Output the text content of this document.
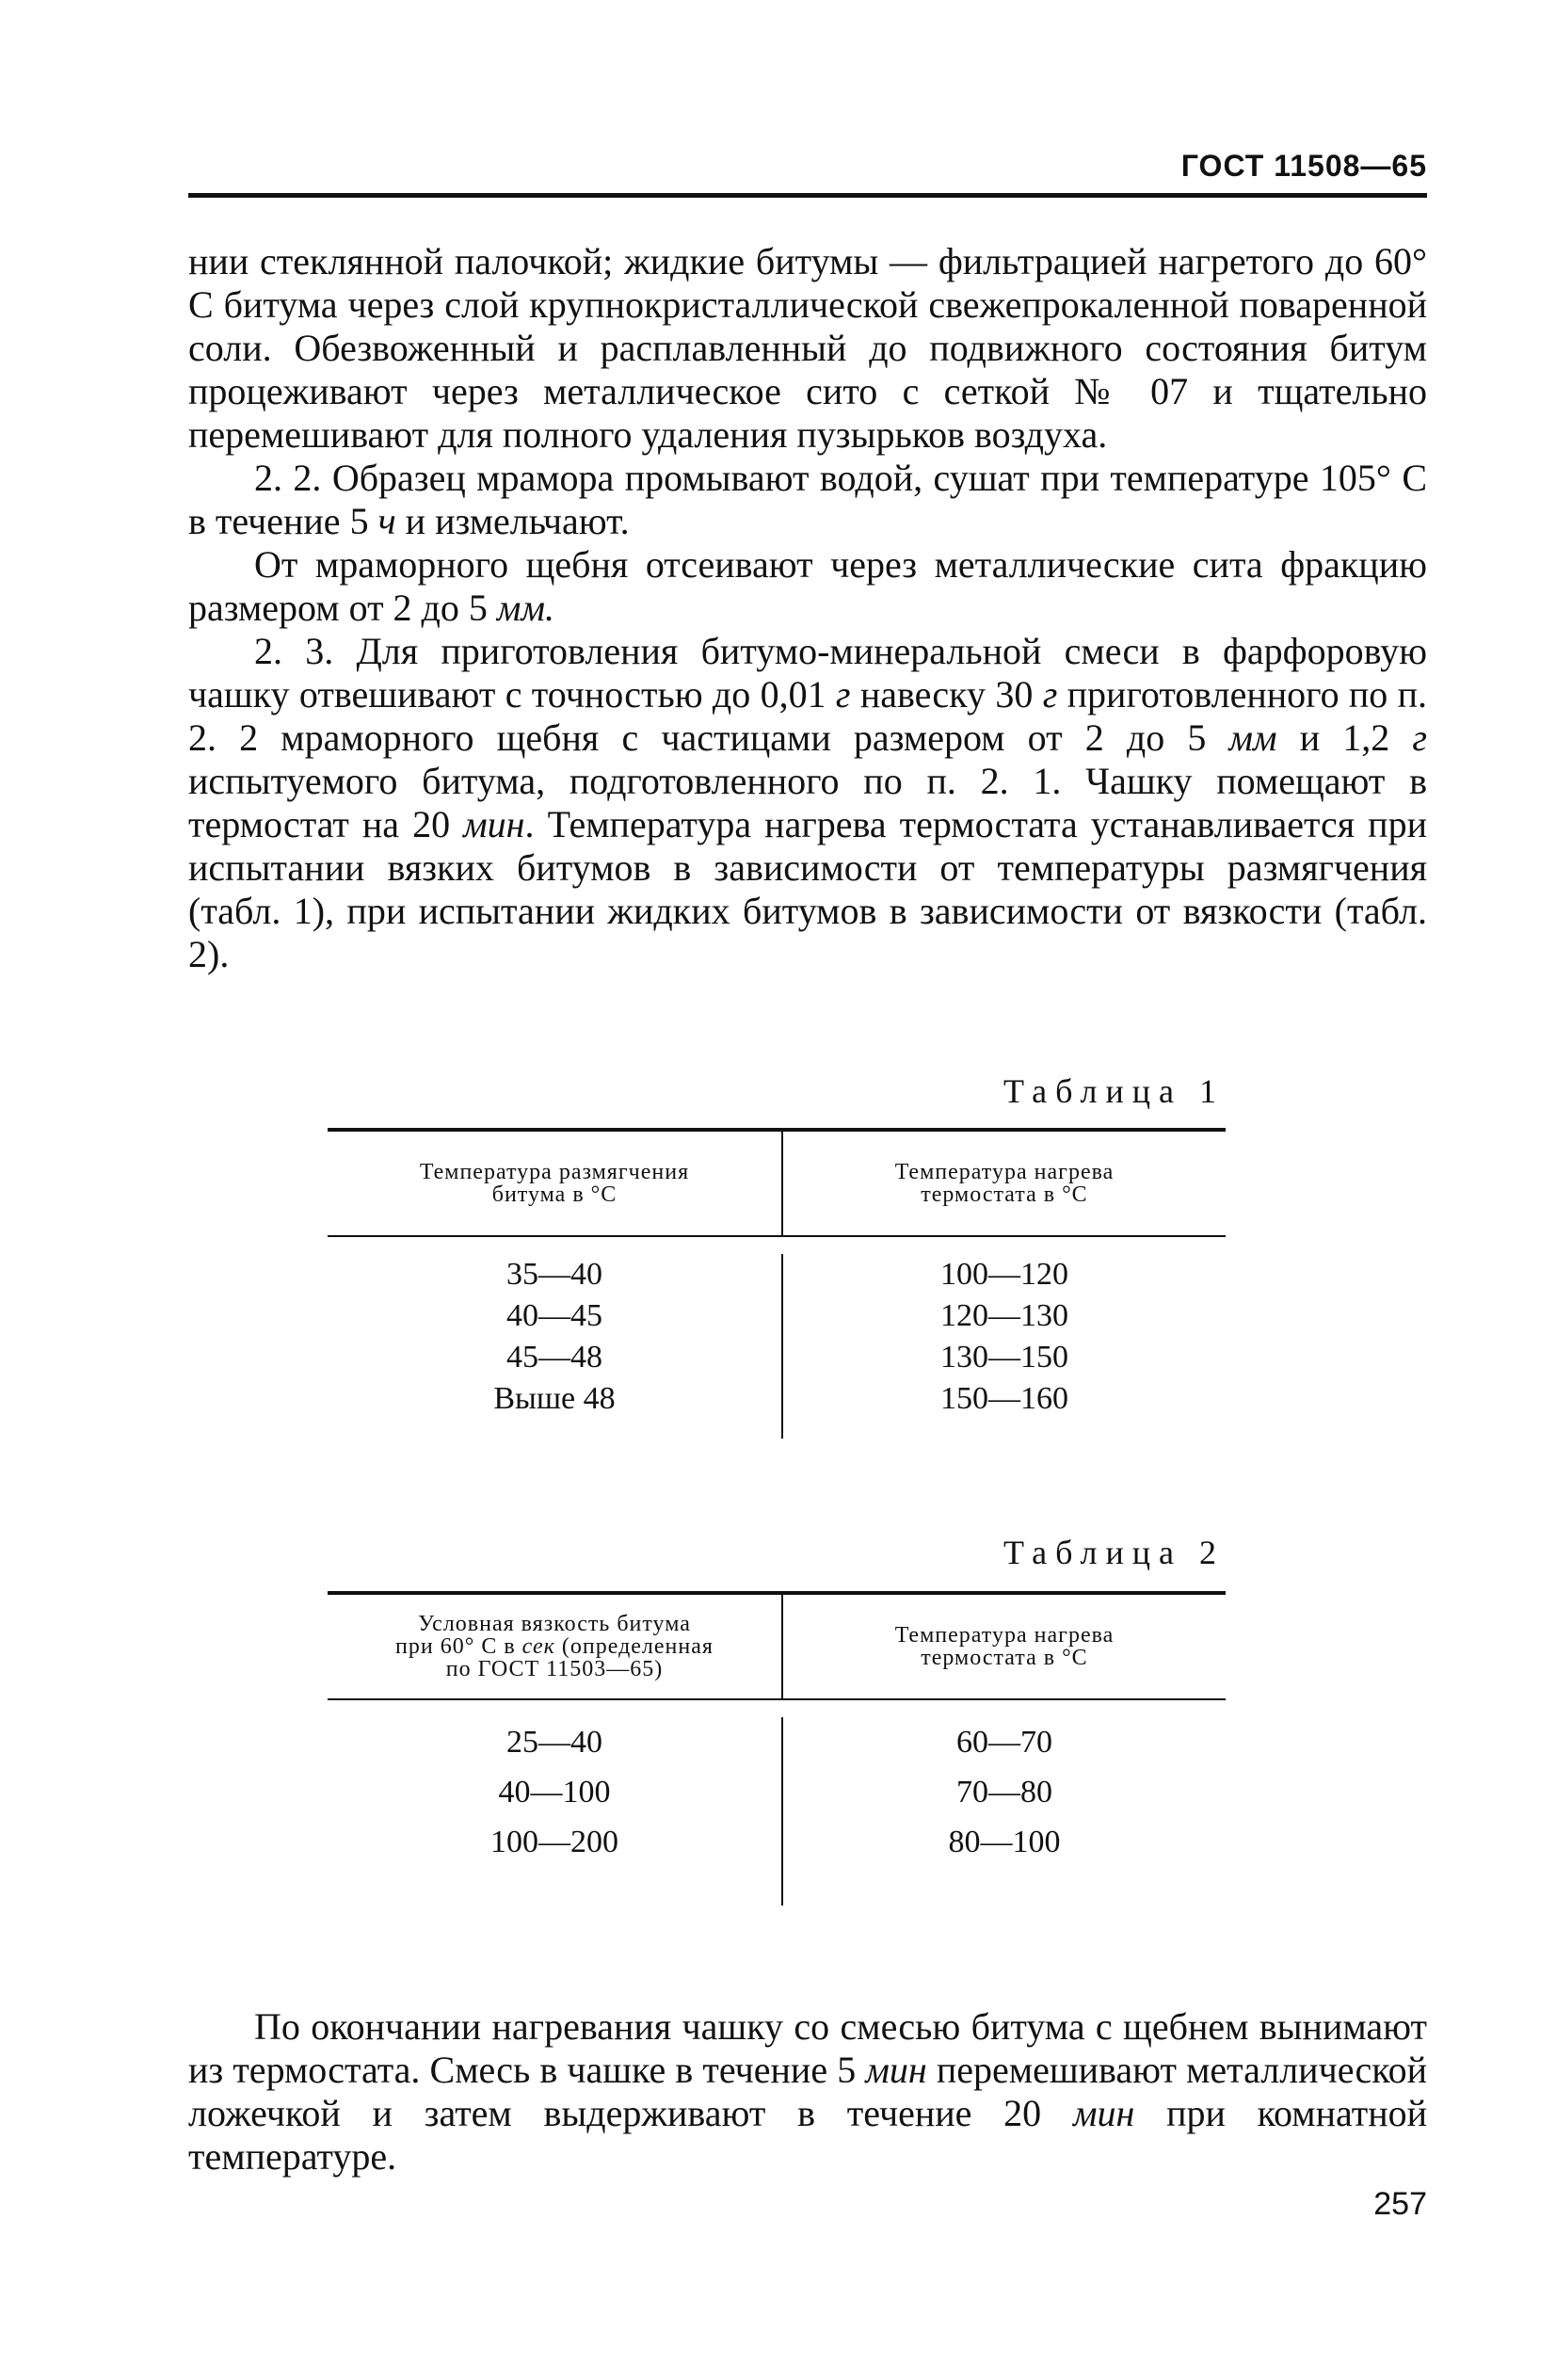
ГОСТ 11508—65

нии стеклянной палочкой; жидкие битумы — фильтрацией нагретого до 60° С битума через слой крупнокристаллической свежепрокаленной поваренной соли. Обезвоженный и расплавленный до подвижного состояния битум процеживают через металлическое сито с сеткой № 07 и тщательно перемешивают для полного удаления пузырьков воздуха.

2. 2. Образец мрамора промывают водой, сушат при температуре 105° С в течение 5 ч и измельчают.

От мраморного щебня отсеивают через металлические сита фракцию размером от 2 до 5 мм.

2. 3. Для приготовления битумо-минеральной смеси в фарфоровую чашку отвешивают с точностью до 0,01 г навеску 30 г приготовленного по п. 2. 2 мраморного щебня с частицами размером от 2 до 5 мм и 1,2 г испытуемого битума, подготовленного по п. 2. 1. Чашку помещают в термостат на 20 мин. Температура нагрева термостата устанавливается при испытании вязких битумов в зависимости от температуры размягчения (табл. 1), при испытании жидких битумов в зависимости от вязкости (табл. 2).

Таблица 1
Температура размягчения
битума в °С
Температура нагрева
термостата в °С
35—40
40—45
45—48
Выше 48
100—120
120—130
130—150
150—160
Таблица 2
Условная вязкость битума
при 60° С в сек (определенная
по ГОСТ 11503—65)
Температура нагрева
термостата в °С
25—40
40—100
100—200
60—70
70—80
80—100

По окончании нагревания чашку со смесью битума с щебнем вынимают из термостата. Смесь в чашке в течение 5 мин перемешивают металлической ложечкой и затем выдерживают в течение 20 мин при комнатной температуре.

257
